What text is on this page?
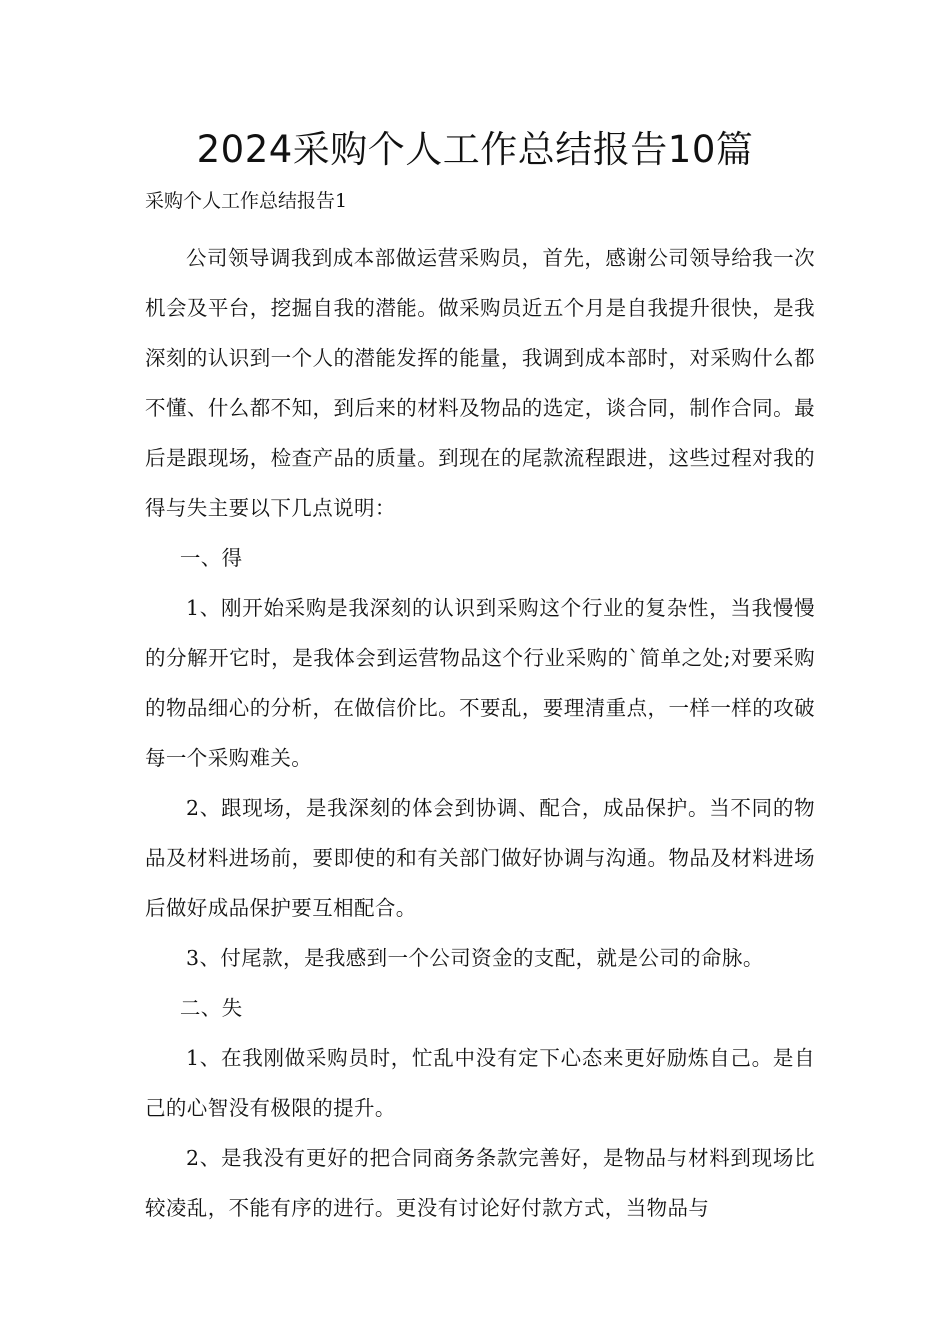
2024采购个人工作总结报告10篇

采购个人工作总结报告1

公司领导调我到成本部做运营采购员，首先，感谢公司领导给我一次机会及平台，挖掘自我的潜能。做采购员近五个月是自我提升很快，是我深刻的认识到一个人的潜能发挥的能量，我调到成本部时，对采购什么都不懂、什么都不知，到后来的材料及物品的选定，谈合同，制作合同。最后是跟现场，检查产品的质量。到现在的尾款流程跟进，这些过程对我的得与失主要以下几点说明：

一、得

1、刚开始采购是我深刻的认识到采购这个行业的复杂性，当我慢慢的分解开它时，是我体会到运营物品这个行业采购的`简单之处;对要采购的物品细心的分析，在做信价比。不要乱，要理清重点，一样一样的攻破每一个采购难关。

2、跟现场，是我深刻的体会到协调、配合，成品保护。当不同的物品及材料进场前，要即使的和有关部门做好协调与沟通。物品及材料进场后做好成品保护要互相配合。

3、付尾款，是我感到一个公司资金的支配，就是公司的命脉。

二、失

1、在我刚做采购员时，忙乱中没有定下心态来更好励炼自己。是自己的心智没有极限的提升。

2、是我没有更好的把合同商务条款完善好，是物品与材料到现场比较凌乱，不能有序的进行。更没有讨论好付款方式，当物品与
